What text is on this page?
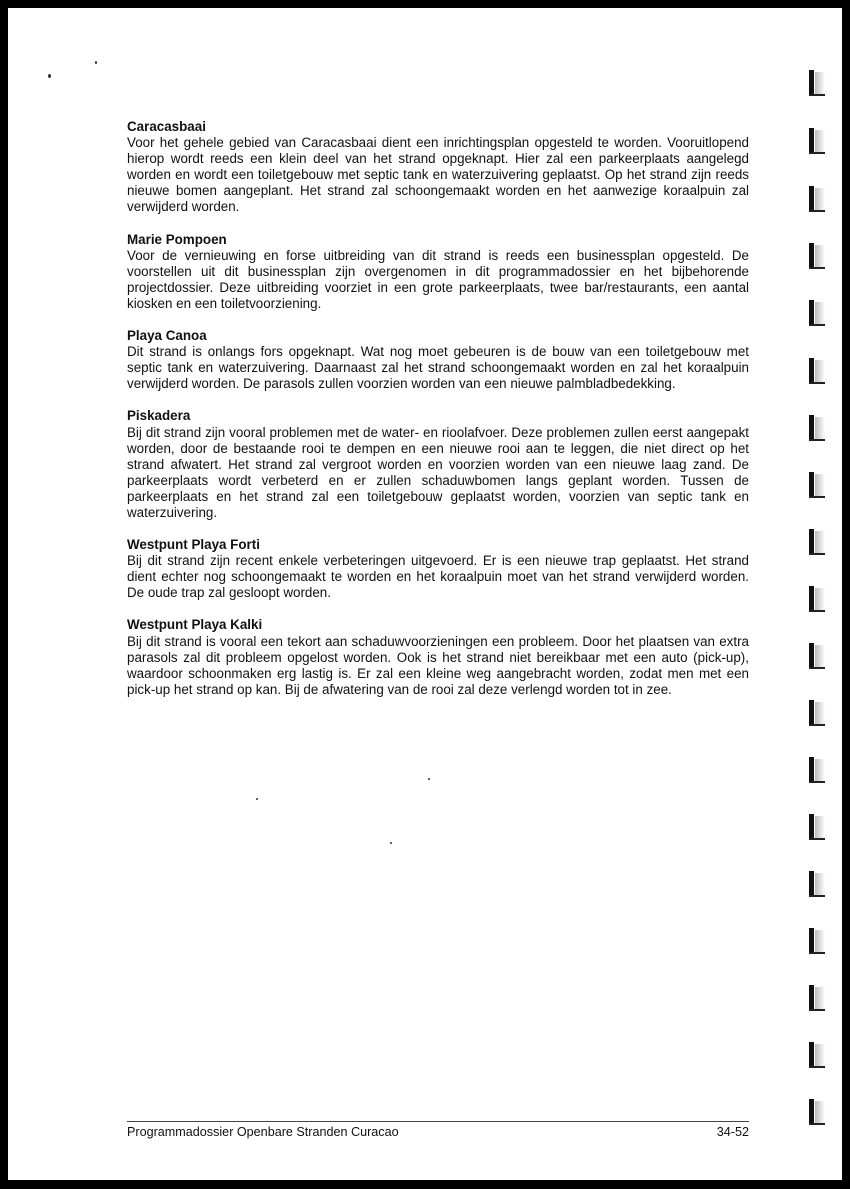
Caracasbaai

Voor het gehele gebied van Caracasbaai dient een inrichtingsplan opgesteld te worden. Vooruitlopend hierop wordt reeds een klein deel van het strand opgeknapt. Hier zal een parkeerplaats aangelegd worden en wordt een toiletgebouw met septic tank en waterzuivering geplaatst. Op het strand zijn reeds nieuwe bomen aangeplant. Het strand zal schoongemaakt worden en het aanwezige koraalpuin zal verwijderd worden.

Marie Pompoen

Voor de vernieuwing en forse uitbreiding van dit strand is reeds een businessplan opgesteld. De voorstellen uit dit businessplan zijn overgenomen in dit programmadossier en het bijbehorende projectdossier. Deze uitbreiding voorziet in een grote parkeerplaats, twee bar/restaurants, een aantal kiosken en een toiletvoorziening.

Playa Canoa

Dit strand is onlangs fors opgeknapt. Wat nog moet gebeuren is de bouw van een toiletgebouw met septic tank en waterzuivering. Daarnaast zal het strand schoongemaakt worden en zal het koraalpuin verwijderd worden. De parasols zullen voorzien worden van een nieuwe palmbladbedekking.

Piskadera

Bij dit strand zijn vooral problemen met de water- en rioolafvoer. Deze problemen zullen eerst aangepakt worden, door de bestaande rooi te dempen en een nieuwe rooi aan te leggen, die niet direct op het strand afwatert. Het strand zal vergroot worden en voorzien worden van een nieuwe laag zand. De parkeerplaats wordt verbeterd en er zullen schaduwbomen langs geplant worden. Tussen de parkeerplaats en het strand zal een toiletgebouw geplaatst worden, voorzien van septic tank en waterzuivering.

Westpunt Playa Forti

Bij dit strand zijn recent enkele verbeteringen uitgevoerd. Er is een nieuwe trap geplaatst. Het strand dient echter nog schoongemaakt te worden en het koraalpuin moet van het strand verwijderd worden. De oude trap zal gesloopt worden.

Westpunt Playa Kalki

Bij dit strand is vooral een tekort aan schaduwvoorzieningen een probleem. Door het plaatsen van extra parasols zal dit probleem opgelost worden. Ook is het strand niet bereikbaar met een auto (pick-up), waardoor schoonmaken erg lastig is. Er zal een kleine weg aangebracht worden, zodat men met een pick-up het strand op kan. Bij de afwatering van de rooi zal deze verlengd worden tot in zee.

Programmadossier Openbare Stranden Curacao	34-52
